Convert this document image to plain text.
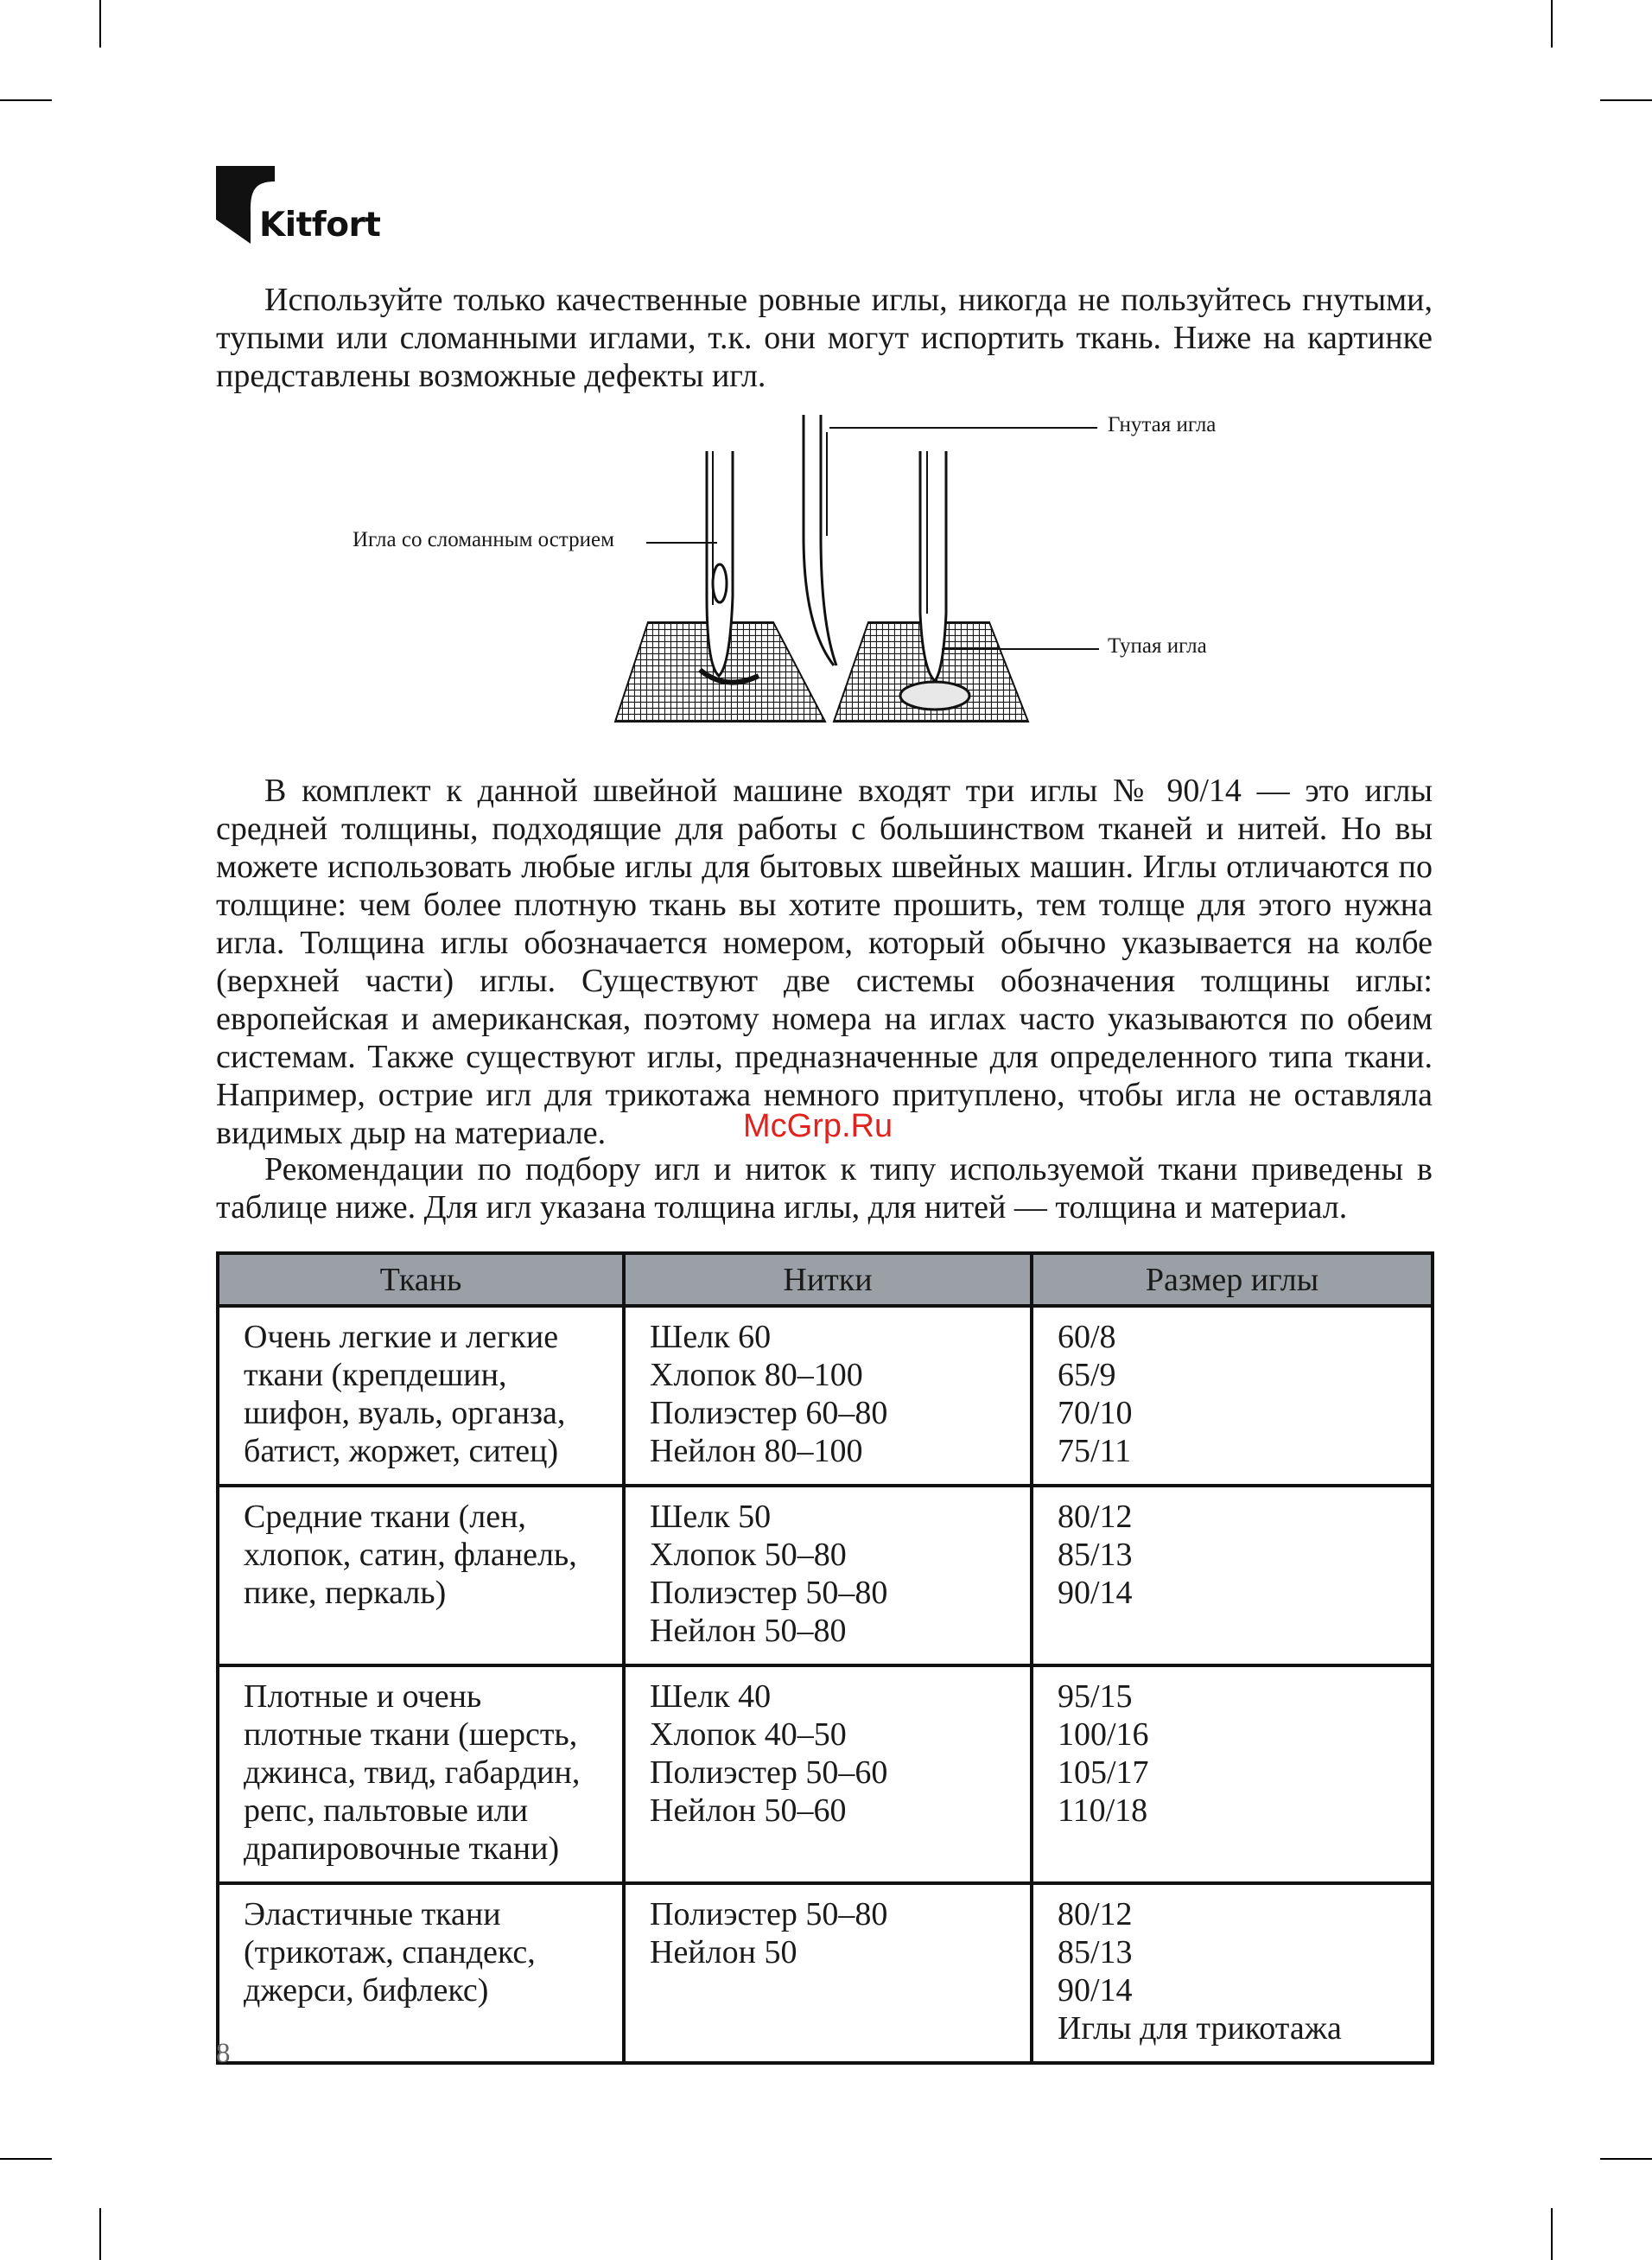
Kitfort

Используйте только качественные ровные иглы, никогда не пользуйтесь гнутыми, тупыми или сломанными иглами, т.к. они могут испортить ткань. Ниже на картинке представлены возможные дефекты игл.

Гнутая игла
Игла со сломанным острием
Тупая игла

В комплект к данной швейной машине входят три иглы № 90/14 — это иглы средней толщины, подходящие для работы с большинством тканей и нитей. Но вы можете использовать любые иглы для бытовых швейных машин. Иглы отличаются по толщине: чем более плотную ткань вы хотите прошить, тем толще для этого нужна игла. Толщина иглы обозначается номером, который обычно указывается на колбе (верхней части) иглы. Существуют две системы обозначения толщины иглы: европейская и американская, поэтому номера на иглах часто указываются по обеим системам. Также существуют иглы, предназначенные для определенного типа ткани. Например, острие игл для трикотажа немного притуплено, чтобы игла не оставляла видимых дыр на материале.	McGrp.Ru

Рекомендации по подбору игл и ниток к типу используемой ткани приведены в таблице ниже. Для игл указана толщина иглы, для нитей — толщина и материал.

Ткань	Нитки	Размер иглы

Очень легкие и легкие
ткани (крепдешин,
шифон, вуаль, органза,
батист, жоржет, ситец)	Шелк 60
Хлопок 80–100
Полиэстер 60–80
Нейлон 80–100	60/8
65/9
70/10
75/11

Средние ткани (лен,
хлопок, сатин, фланель,
пике, перкаль)	Шелк 50
Хлопок 50–80
Полиэстер 50–80
Нейлон 50–80	80/12
85/13
90/14

Плотные и очень
плотные ткани (шерсть,
джинса, твид, габардин,
репс, пальтовые или
драпировочные ткани)	Шелк 40
Хлопок 40–50
Полиэстер 50–60
Нейлон 50–60	95/15
100/16
105/17
110/18

Эластичные ткани
(трикотаж, спандекс,
джерси, бифлекс)	Полиэстер 50–80
Нейлон 50	80/12
85/13
90/14
Иглы для трикотажа
8
